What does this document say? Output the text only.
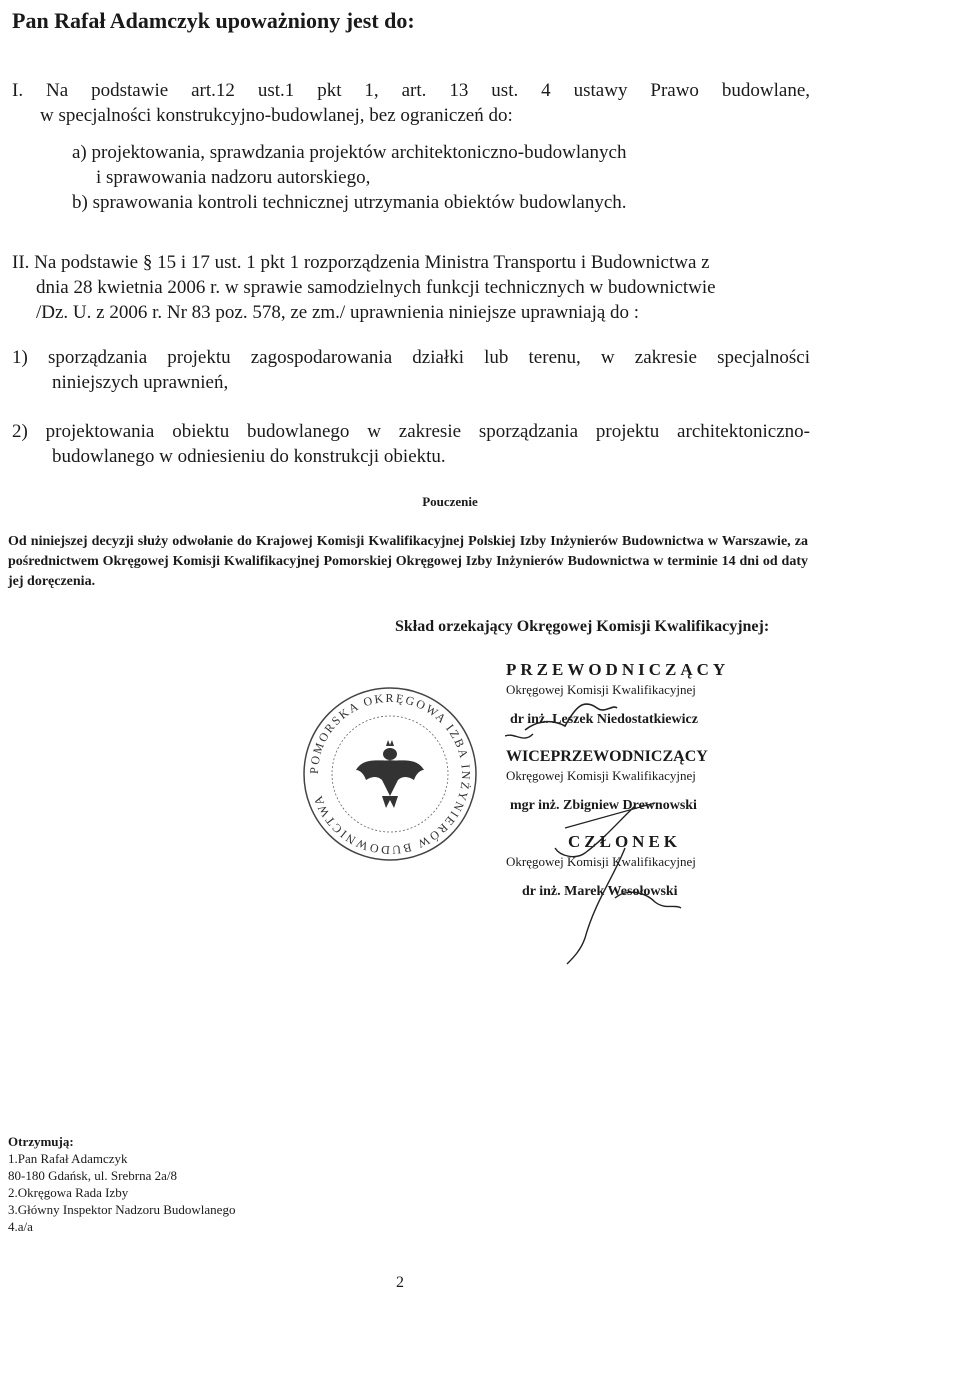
Pan Rafał Adamczyk upoważniony jest do:
I. Na podstawie art.12 ust.1 pkt 1, art. 13 ust. 4 ustawy Prawo budowlane,
w specjalności konstrukcyjno-budowlanej, bez ograniczeń do:
a) projektowania, sprawdzania projektów architektoniczno-budowlanych
i sprawowania nadzoru autorskiego,
b) sprawowania kontroli technicznej utrzymania obiektów budowlanych.
II. Na podstawie § 15 i 17 ust. 1 pkt 1 rozporządzenia Ministra Transportu i Budownictwa z
dnia 28 kwietnia 2006 r. w sprawie samodzielnych funkcji technicznych w budownictwie
/Dz. U. z 2006 r. Nr 83 poz. 578, ze zm./ uprawnienia niniejsze uprawniają do :
1) sporządzania projektu zagospodarowania działki lub terenu, w zakresie specjalności
niniejszych uprawnień,
2) projektowania obiektu budowlanego w zakresie sporządzania projektu architektoniczno-
budowlanego w odniesieniu do konstrukcji obiektu.
Pouczenie
Od niniejszej decyzji służy odwołanie do Krajowej Komisji Kwalifikacyjnej Polskiej Izby Inżynierów Budownictwa w Warszawie, za pośrednictwem Okręgowej Komisji Kwalifikacyjnej Pomorskiej Okręgowej Izby Inżynierów Budownictwa w terminie 14 dni od daty jej doręczenia.
Skład orzekający Okręgowej Komisji Kwalifikacyjnej:
PRZEWODNICZĄCY
Okręgowej Komisji Kwalifikacyjnej
dr inż. Leszek Niedostatkiewicz
WICEPRZEWODNICZĄCY
Okręgowej Komisji Kwalifikacyjnej
mgr inż. Zbigniew Drewnowski
CZŁONEK
Okręgowej Komisji Kwalifikacyjnej
dr inż. Marek Wesołowski
POMORSKA OKRĘGOWA IZBA INŻYNIERÓW BUDOWNICTWA
Otrzymują:
1.Pan Rafał Adamczyk
80-180 Gdańsk, ul. Srebrna 2a/8
2.Okręgowa Rada Izby
3.Główny Inspektor Nadzoru Budowlanego
4.a/a
2
